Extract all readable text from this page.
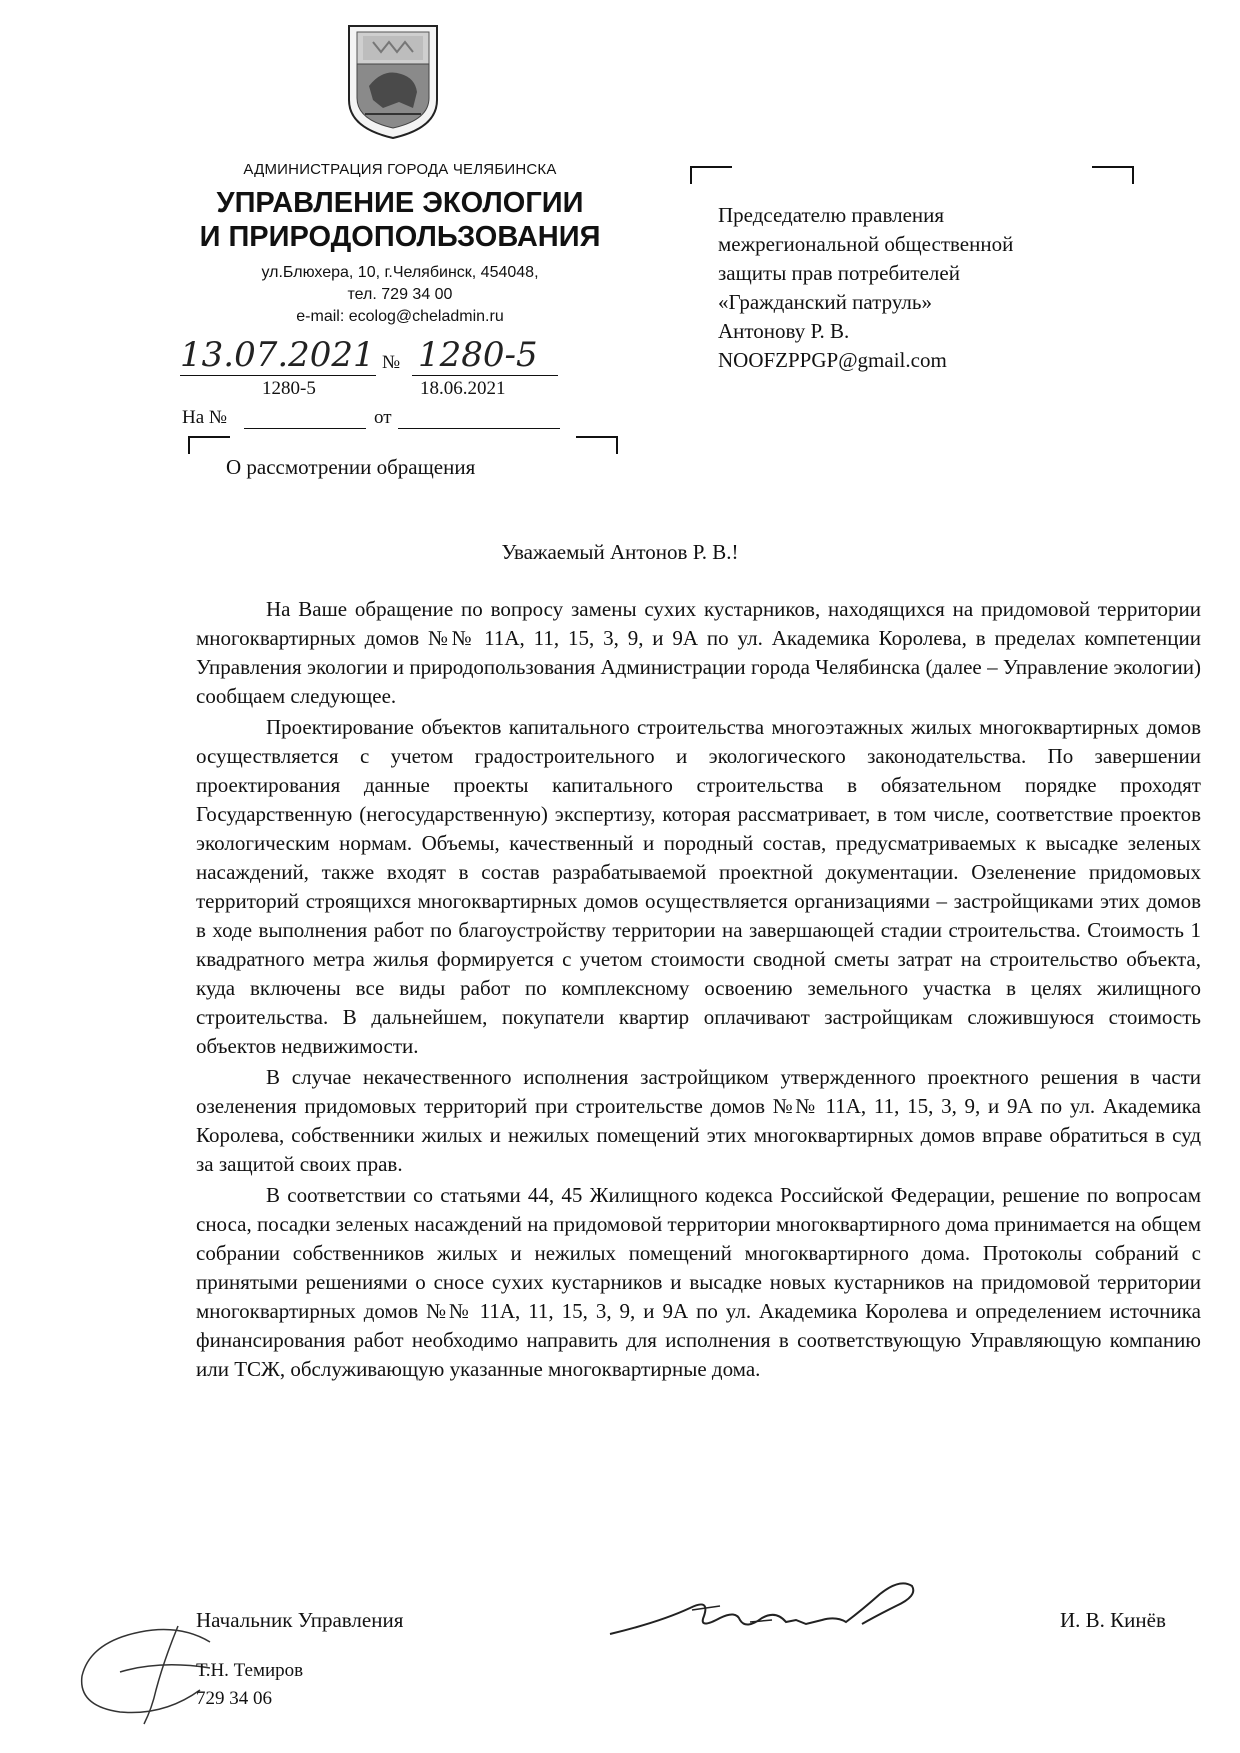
АДМИНИСТРАЦИЯ ГОРОДА ЧЕЛЯБИНСКА
УПРАВЛЕНИЕ ЭКОЛОГИИ
И ПРИРОДОПОЛЬЗОВАНИЯ
ул.Блюхера, 10, г.Челябинск, 454048,
тел. 729 34 00
e-mail: ecolog@cheladmin.ru
13.07.2021 № 1280-5
1280-5	18.06.2021
На №	от
О рассмотрении обращения
Председателю правления
межрегиональной общественной
защиты прав потребителей
«Гражданский патруль»
Антонову Р. В.
NOOFZPPGP@gmail.com
Уважаемый Антонов Р. В.!

На Ваше обращение по вопросу замены сухих кустарников, находящихся на придомовой территории многоквартирных домов №№ 11А, 11, 15, 3, 9, и 9А по ул. Академика Королева, в пределах компетенции Управления экологии и природопользования Администрации города Челябинска (далее – Управление экологии) сообщаем следующее.

Проектирование объектов капитального строительства многоэтажных жилых многоквартирных домов осуществляется с учетом градостроительного и экологического законодательства. По завершении проектирования данные проекты капитального строительства в обязательном порядке проходят Государственную (негосударственную) экспертизу, которая рассматривает, в том числе, соответствие проектов экологическим нормам. Объемы, качественный и породный состав, предусматриваемых к высадке зеленых насаждений, также входят в состав разрабатываемой проектной документации. Озеленение придомовых территорий строящихся многоквартирных домов осуществляется организациями – застройщиками этих домов в ходе выполнения работ по благоустройству территории на завершающей стадии строительства. Стоимость 1 квадратного метра жилья формируется с учетом стоимости сводной сметы затрат на строительство объекта, куда включены все виды работ по комплексному освоению земельного участка в целях жилищного строительства. В дальнейшем, покупатели квартир оплачивают застройщикам сложившуюся стоимость объектов недвижимости.

В случае некачественного исполнения застройщиком утвержденного проектного решения в части озеленения придомовых территорий при строительстве домов №№ 11А, 11, 15, 3, 9, и 9А по ул. Академика Королева, собственники жилых и нежилых помещений этих многоквартирных домов вправе обратиться в суд за защитой своих прав.

В соответствии со статьями 44, 45 Жилищного кодекса Российской Федерации, решение по вопросам сноса, посадки зеленых насаждений на придомовой территории многоквартирного дома принимается на общем собрании собственников жилых и нежилых помещений многоквартирного дома. Протоколы собраний с принятыми решениями о сносе сухих кустарников и высадке новых кустарников на придомовой территории многоквартирных домов №№ 11А, 11, 15, 3, 9, и 9А по ул. Академика Королева и определением источника финансирования работ необходимо направить для исполнения в соответствующую Управляющую компанию или ТСЖ, обслуживающую указанные многоквартирные дома.

Начальник Управления	И. В. Кинёв
Т.Н. Темиров
729 34 06
